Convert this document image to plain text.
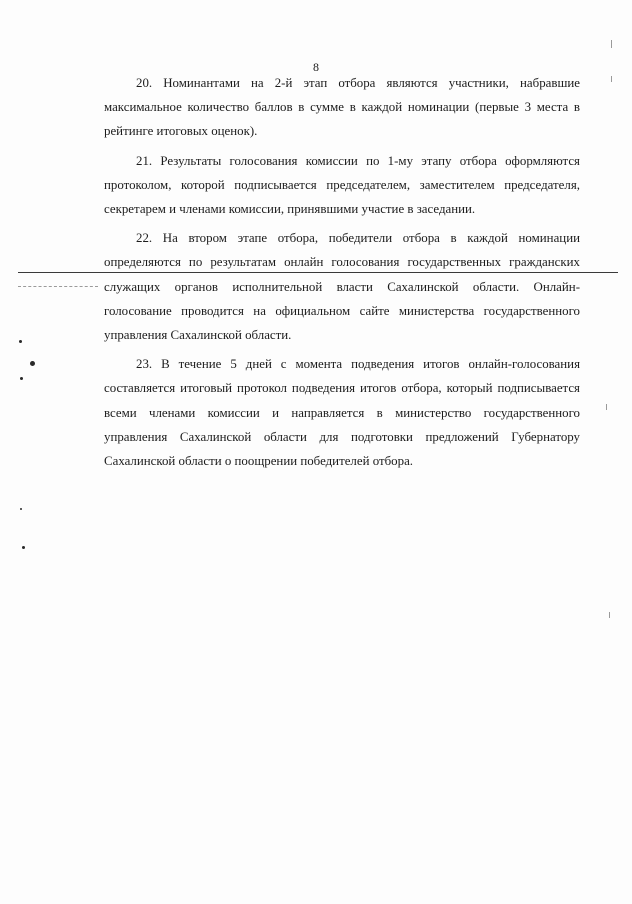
8

20. Номинантами на 2-й этап отбора являются участники, набравшие максимальное количество баллов в сумме в каждой номинации (первые 3 места в рейтинге итоговых оценок).

21. Результаты голосования комиссии по 1-му этапу отбора оформляются протоколом, которой подписывается председателем, заместителем председателя, секретарем и членами комиссии, принявшими участие в заседании.

22. На втором этапе отбора, победители отбора в каждой номинации определяются по результатам онлайн голосования государственных гражданских служащих органов исполнительной власти Сахалинской области. Онлайн-голосование проводится на официальном сайте министерства государственного управления Сахалинской области.

23. В течение 5 дней с момента подведения итогов онлайн-голосования составляется итоговый протокол подведения итогов отбора, который подписывается всеми членами комиссии и направляется в министерство государственного управления Сахалинской области для подготовки предложений Губернатору Сахалинской области о поощрении победителей отбора.
